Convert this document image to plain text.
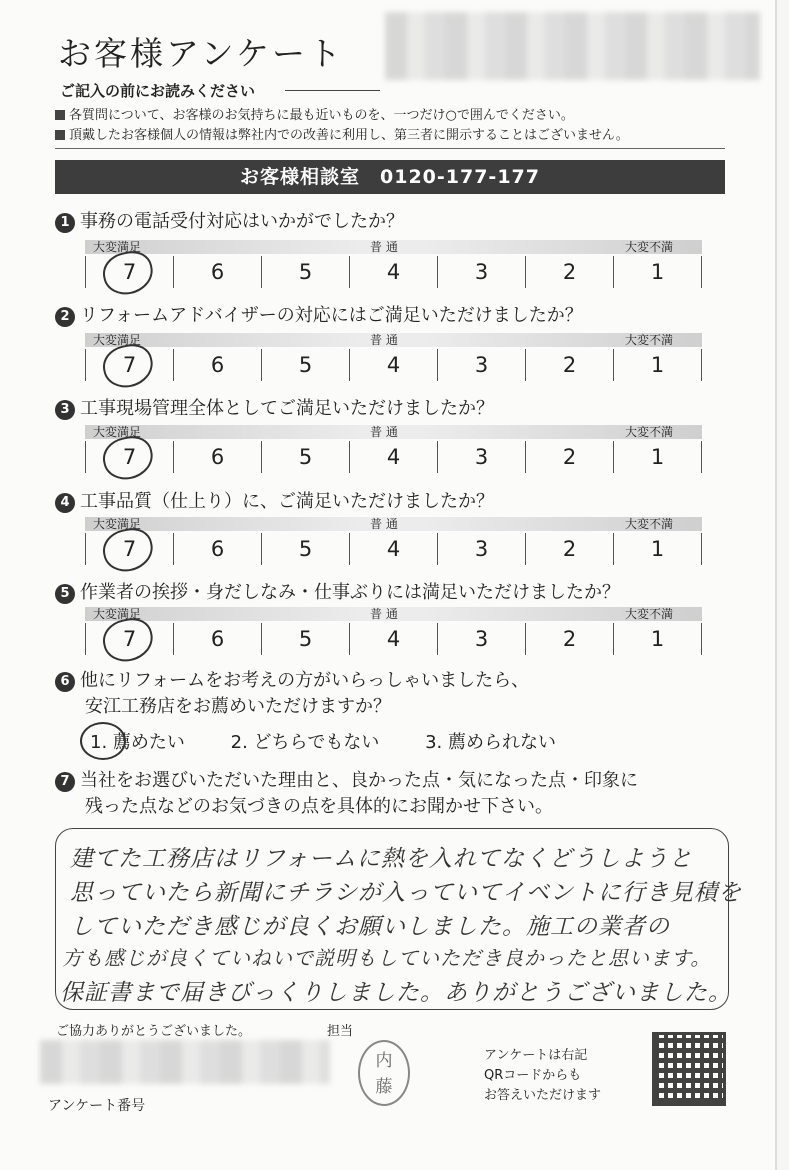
お客様アンケート
ご記入の前にお読みください
各質問について、お客様のお気持ちに最も近いものを、一つだけ○で囲んでください。
頂戴したお客様個人の情報は弊社内での改善に利用し、第三者に開示することはございません。
お客様相談室　0120-177-177
1 事務の電話受付対応はいかがでしたか？
大変満足	普 通	大変不満
7	6	5	4	3	2	1
2 リフォームアドバイザーの対応にはご満足いただけましたか？
大変満足	普 通	大変不満
7	6	5	4	3	2	1
3 工事現場管理全体としてご満足いただけましたか？
大変満足	普 通	大変不満
7	6	5	4	3	2	1
4 工事品質（仕上り）に、ご満足いただけましたか？
大変満足	普 通	大変不満
7	6	5	4	3	2	1
5 作業者の挨拶・身だしなみ・仕事ぶりには満足いただけましたか？
大変満足	普 通	大変不満
7	6	5	4	3	2	1
6 他にリフォームをお考えの方がいらっしゃいましたら、
安江工務店をお薦めいただけますか？
1. 薦めたい	2. どちらでもない	3. 薦められない
7 当社をお選びいただいた理由と、良かった点・気になった点・印象に
残った点などのお気づきの点を具体的にお聞かせ下さい。
建てた工務店はリフォームに熱を入れてなくどうしようと
思っていたら新聞にチラシが入っていてイベントに行き見積を
していただき感じが良くお願いしました。施工の業者の
方も感じが良くていねいで説明もしていただき良かったと思います。
保証書まで届きびっくりしました。ありがとうございました。
ご協力ありがとうございました。	担当
内
藤
アンケート番号
アンケートは右記
QRコードからも
お答えいただけます
